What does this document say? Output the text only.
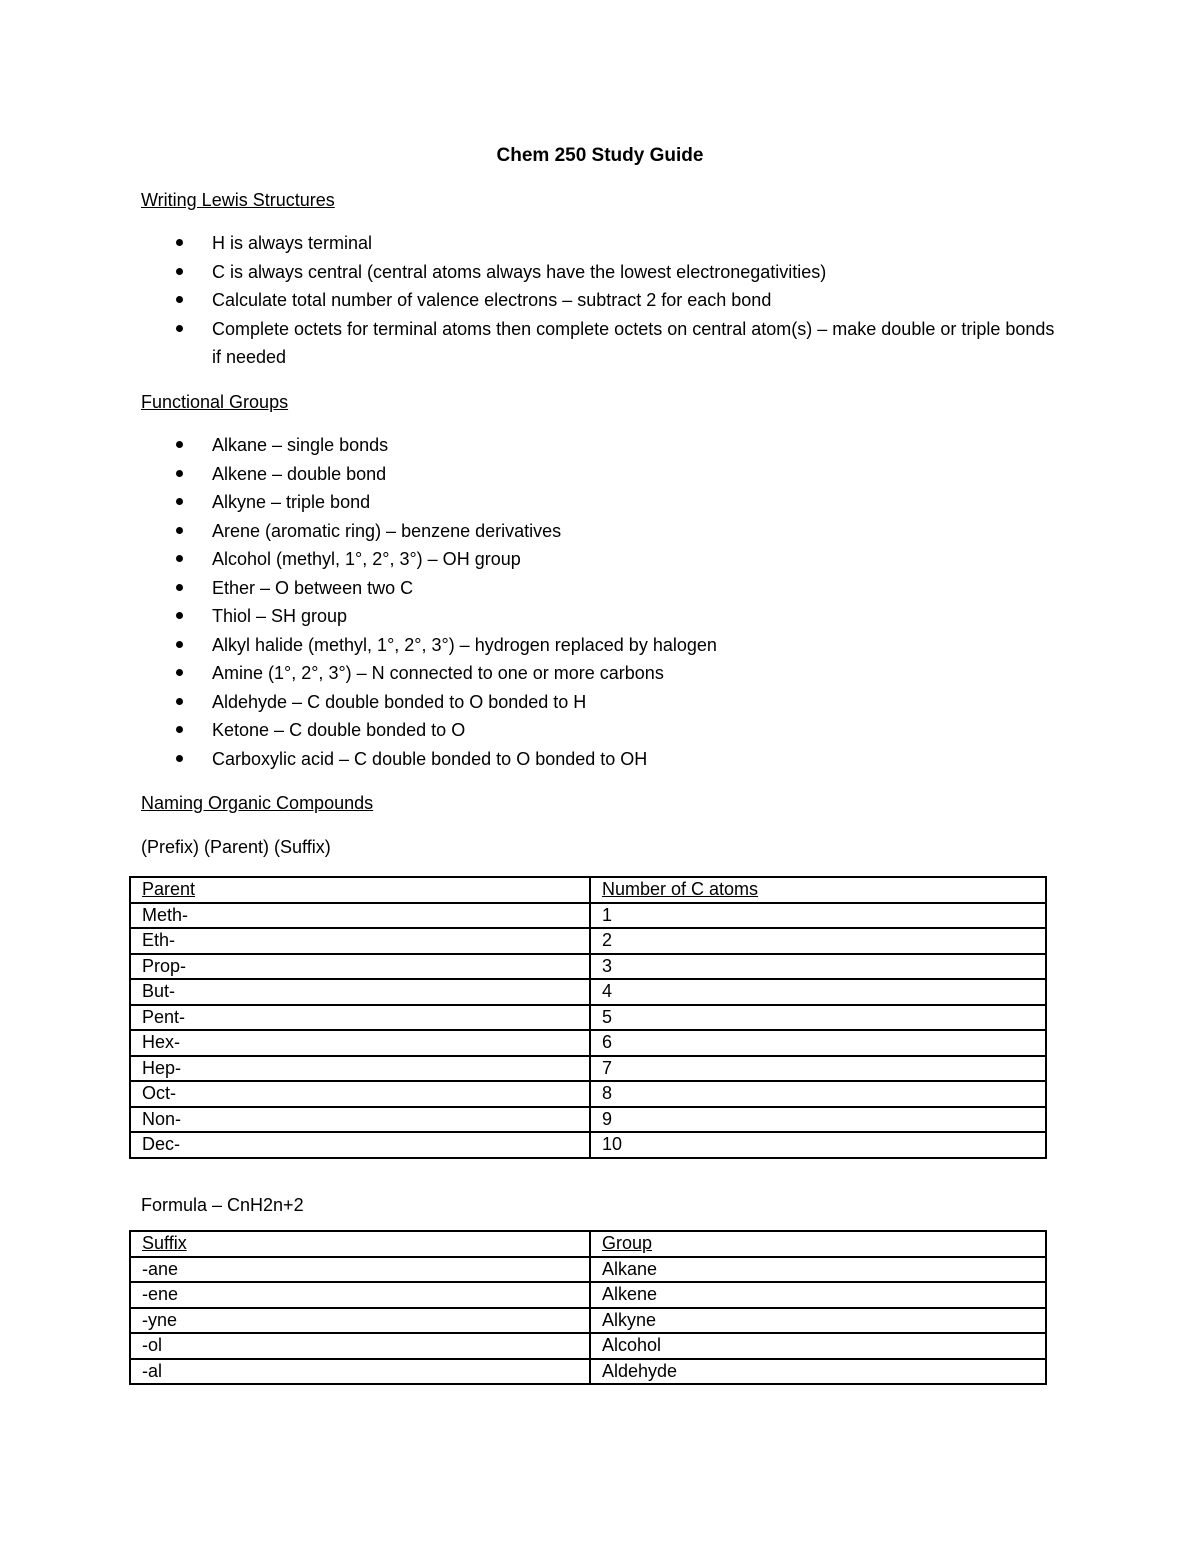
Chem 250 Study Guide
Writing Lewis Structures
H is always terminal
C is always central (central atoms always have the lowest electronegativities)
Calculate total number of valence electrons – subtract 2 for each bond
Complete octets for terminal atoms then complete octets on central atom(s) – make double or triple bonds if needed
Functional Groups
Alkane – single bonds
Alkene – double bond
Alkyne – triple bond
Arene (aromatic ring) – benzene derivatives
Alcohol (methyl, 1°, 2°, 3°) – OH group
Ether – O between two C
Thiol – SH group
Alkyl halide (methyl, 1°, 2°, 3°) – hydrogen replaced by halogen
Amine (1°, 2°, 3°) – N connected to one or more carbons
Aldehyde – C double bonded to O bonded to H
Ketone – C double bonded to O
Carboxylic acid – C double bonded to O bonded to OH
Naming Organic Compounds
(Prefix) (Parent) (Suffix)
Parent	Number of C atoms
Meth-	1
Eth-	2
Prop-	3
But-	4
Pent-	5
Hex-	6
Hep-	7
Oct-	8
Non-	9
Dec-	10
Formula – CnH2n+2
Suffix	Group
-ane	Alkane
-ene	Alkene
-yne	Alkyne
-ol	Alcohol
-al	Aldehyde
